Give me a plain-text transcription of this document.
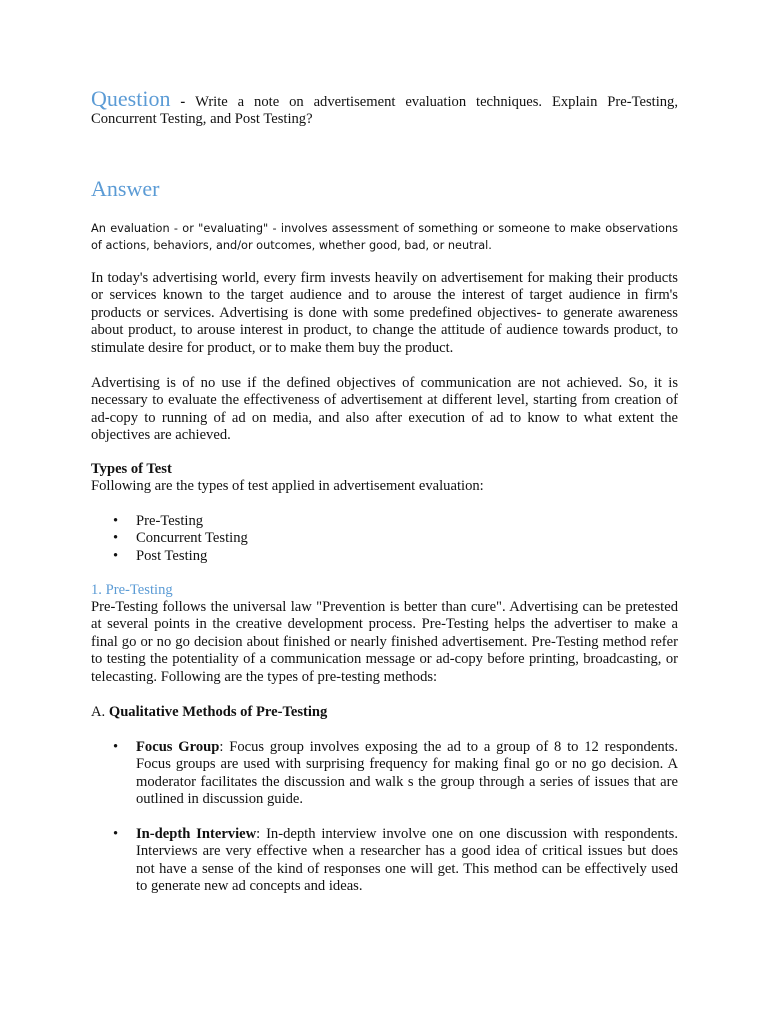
Question - Write a note on advertisement evaluation techniques. Explain Pre-Testing, Concurrent Testing, and Post Testing?

Answer

An evaluation - or "evaluating" - involves assessment of something or someone to make observations of actions, behaviors, and/or outcomes, whether good, bad, or neutral.

In today's advertising world, every firm invests heavily on advertisement for making their products or services known to the target audience and to arouse the interest of target audience in firm's products or services. Advertising is done with some predefined objectives- to generate awareness about product, to arouse interest in product, to change the attitude of audience towards product, to stimulate desire for product, or to make them buy the product.

Advertising is of no use if the defined objectives of communication are not achieved. So, it is necessary to evaluate the effectiveness of advertisement at different level, starting from creation of ad-copy to running of ad on media, and also after execution of ad to know to what extent the objectives are achieved.

Types of Test
Following are the types of test applied in advertisement evaluation:
• Pre-Testing
• Concurrent Testing
• Post Testing
1. Pre-Testing

Pre-Testing follows the universal law "Prevention is better than cure". Advertising can be pretested at several points in the creative development process. Pre-Testing helps the advertiser to make a final go or no go decision about finished or nearly finished advertisement. Pre-Testing method refer to testing the potentiality of a communication message or ad-copy before printing, broadcasting, or telecasting. Following are the types of pre-testing methods:

A. Qualitative Methods of Pre-Testing

• Focus Group: Focus group involves exposing the ad to a group of 8 to 12 respondents. Focus groups are used with surprising frequency for making final go or no go decision. A moderator facilitates the discussion and walk s the group through a series of issues that are outlined in discussion guide.
• In-depth Interview: In-depth interview involve one on one discussion with respondents. Interviews are very effective when a researcher has a good idea of critical issues but does not have a sense of the kind of responses one will get. This method can be effectively used to generate new ad concepts and ideas.
